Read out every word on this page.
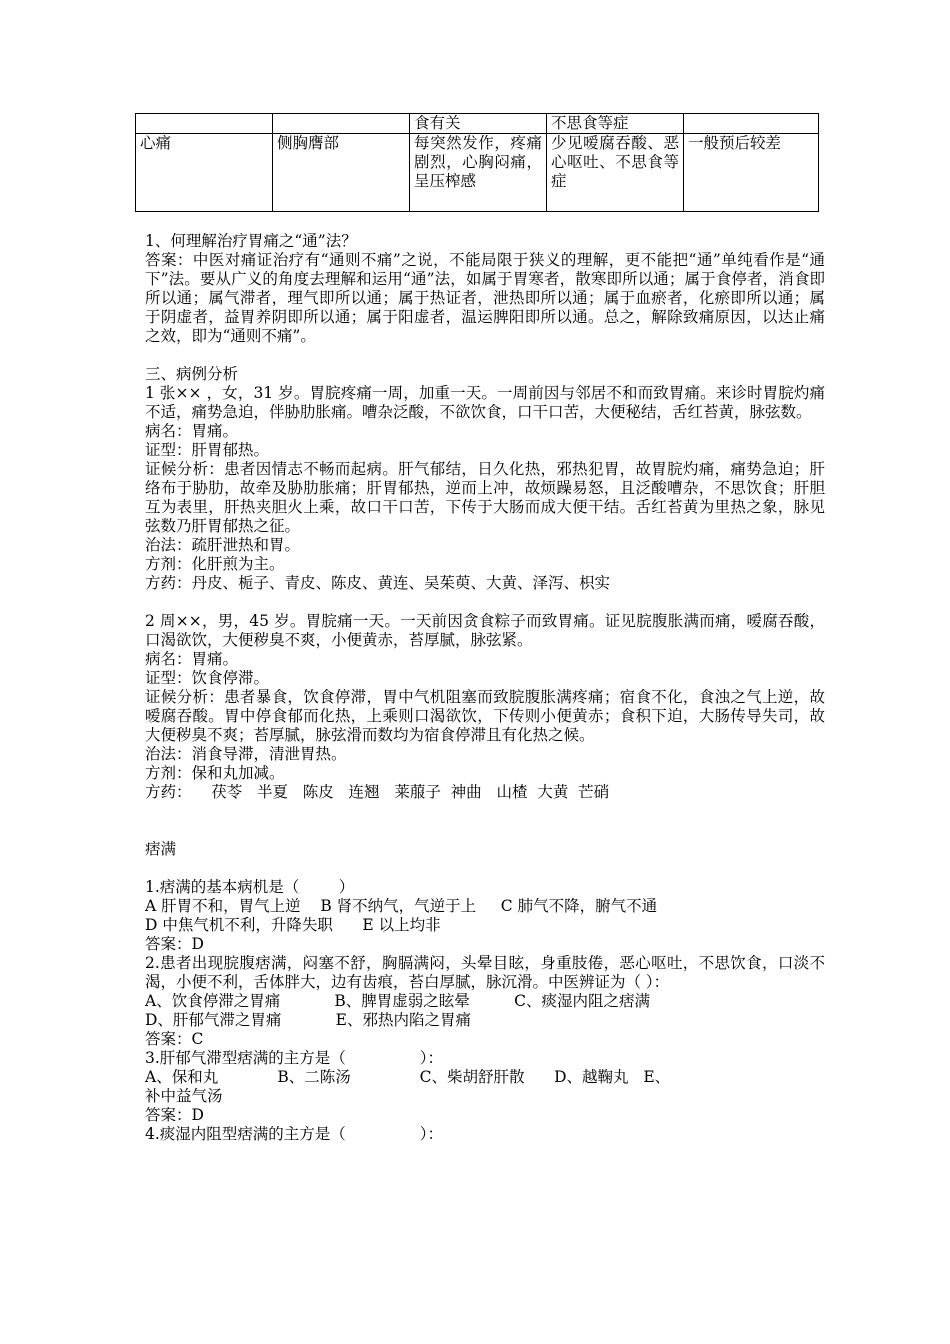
		食有关	不思食等症	
心痛	侧胸膺部	每突然发作，疼痛剧烈，心胸闷痛，呈压榨感	少见嗳腐吞酸、恶心呕吐、不思食等症	一般预后较差

1、何理解治疗胃痛之“通”法？

答案：中医对痛证治疗有“通则不痛”之说，不能局限于狭义的理解，更不能把“通”单纯看作是“通下”法。要从广义的角度去理解和运用“通”法，如属于胃寒者，散寒即所以通；属于食停者，消食即所以通；属气滞者，理气即所以通；属于热证者，泄热即所以通；属于血瘀者，化瘀即所以通；属于阴虚者，益胃养阴即所以通；属于阳虚者，温运脾阳即所以通。总之，解除致痛原因，以达止痛之效，即为“通则不痛”。

三、病例分析

1 张×× ，女，31 岁。胃脘疼痛一周，加重一天。一周前因与邻居不和而致胃痛。来诊时胃脘灼痛不适，痛势急迫，伴胁肋胀痛。嘈杂泛酸，不欲饮食，口干口苦，大便秘结，舌红苔黄，脉弦数。

病名：胃痛。

证型：肝胃郁热。

证候分析：患者因情志不畅而起病。肝气郁结，日久化热，邪热犯胃，故胃脘灼痛，痛势急迫；肝络布于胁肋，故牵及胁肋胀痛；肝胃郁热，逆而上冲，故烦躁易怒，且泛酸嘈杂，不思饮食；肝胆互为表里，肝热夹胆火上乘，故口干口苦，下传于大肠而成大便干结。舌红苔黄为里热之象，脉见弦数乃肝胃郁热之征。

治法：疏肝泄热和胃。

方剂：化肝煎为主。

方药：丹皮、栀子、青皮、陈皮、黄连、吴茱萸、大黄、泽泻、枳实

2 周××，男，45 岁。胃脘痛一天。一天前因贪食粽子而致胃痛。证见脘腹胀满而痛，嗳腐吞酸，口渴欲饮，大便秽臭不爽，小便黄赤，苔厚腻，脉弦紧。

病名：胃痛。

证型：饮食停滞。

证候分析：患者暴食，饮食停滞，胃中气机阻塞而致脘腹胀满疼痛；宿食不化，食浊之气上逆，故嗳腐吞酸。胃中停食郁而化热，上乘则口渴欲饮，下传则小便黄赤；食积下迫，大肠传导失司，故大便秽臭不爽；苔厚腻，脉弦滑而数均为宿食停滞且有化热之候。

治法：消食导滞，清泄胃热。

方剂：保和丸加减。

方药：    茯苓   半夏   陈皮   连翘   莱菔子  神曲   山楂  大黄  芒硝

痞满

1.痞满的基本病机是（        ）

A 肝胃不和，胃气上逆    B 肾不纳气，气逆于上     C 肺气不降，腑气不通

D 中焦气机不利，升降失职      E 以上均非

答案：D

2.患者出现脘腹痞满，闷塞不舒，胸膈满闷，头晕目眩，身重肢倦，恶心呕吐，不思饮食，口淡不渴，小便不利，舌体胖大，边有齿痕，苔白厚腻，脉沉滑。中医辨证为（ ）：

A、饮食停滞之胃痛           B、脾胃虚弱之眩晕         C、痰湿内阻之痞满

D、肝郁气滞之胃痛           E、邪热内陷之胃痛

答案：C

3.肝郁气滞型痞满的主方是（               ）：

A、保和丸            B、二陈汤              C、柴胡舒肝散      D、越鞠丸   E、

补中益气汤

答案：D

4.痰湿内阻型痞满的主方是（               ）：
